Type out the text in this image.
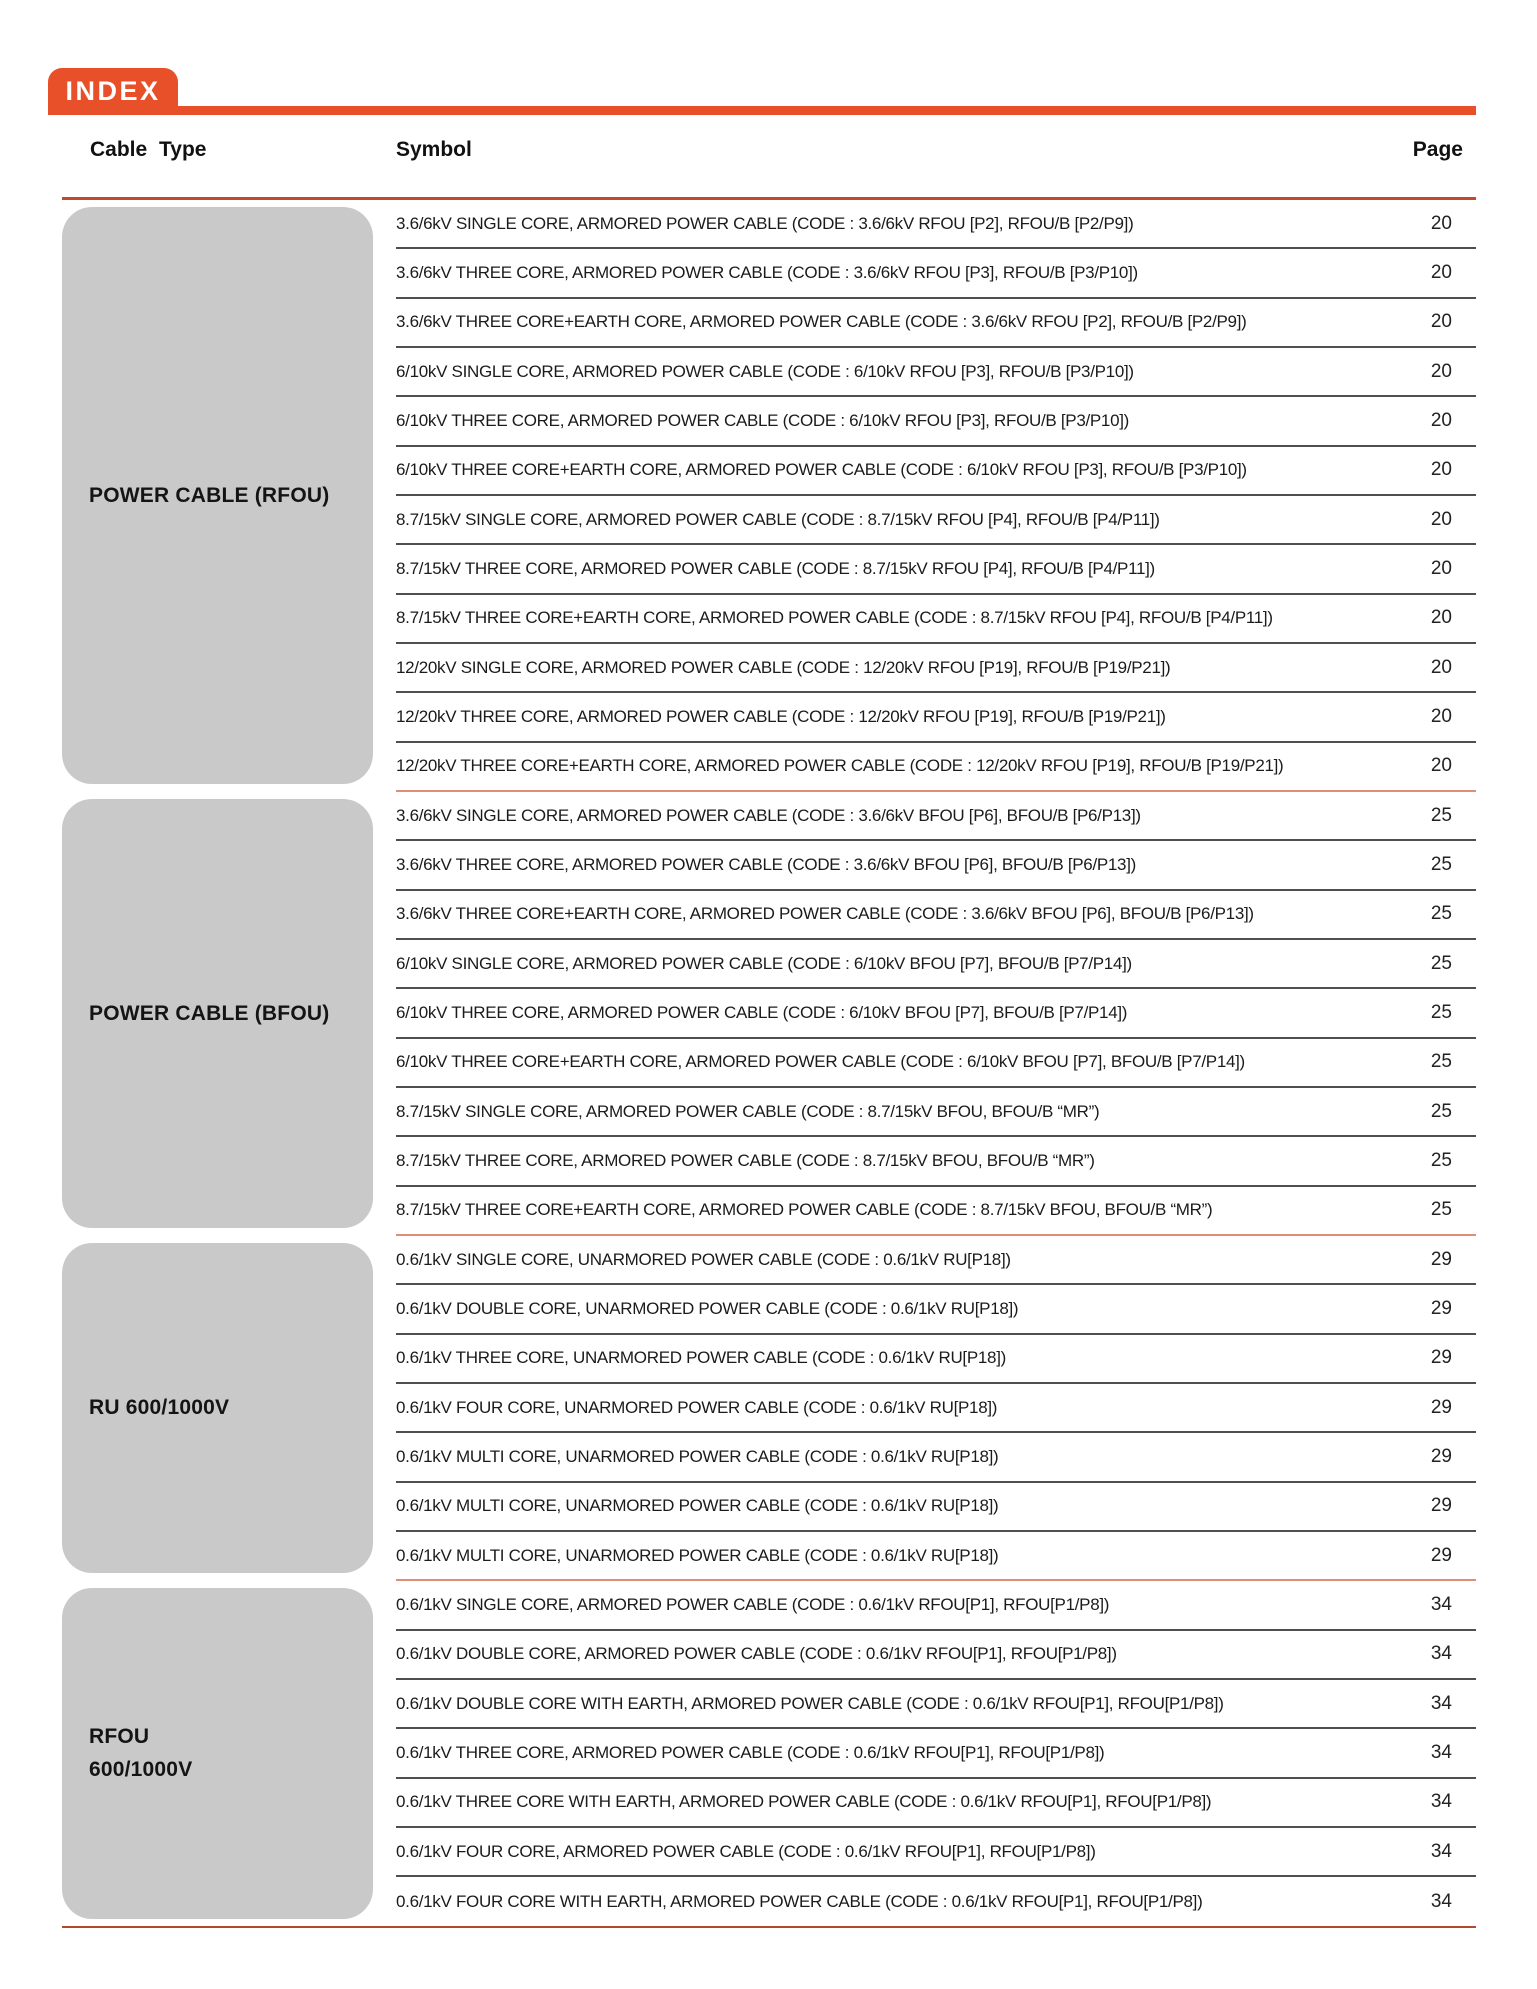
INDEX
Cable Type	Symbol	Page
POWER CABLE (RFOU)
3.6/6kV SINGLE CORE, ARMORED POWER CABLE (CODE : 3.6/6kV RFOU [P2], RFOU/B [P2/P9])	20
3.6/6kV THREE CORE, ARMORED POWER CABLE (CODE : 3.6/6kV RFOU [P3], RFOU/B [P3/P10])	20
3.6/6kV THREE CORE+EARTH CORE, ARMORED POWER CABLE (CODE : 3.6/6kV RFOU [P2], RFOU/B [P2/P9])	20
6/10kV SINGLE CORE, ARMORED POWER CABLE (CODE : 6/10kV RFOU [P3], RFOU/B [P3/P10])	20
6/10kV THREE CORE, ARMORED POWER CABLE (CODE : 6/10kV RFOU [P3], RFOU/B [P3/P10])	20
6/10kV THREE CORE+EARTH CORE, ARMORED POWER CABLE (CODE : 6/10kV RFOU [P3], RFOU/B [P3/P10])	20
8.7/15kV SINGLE CORE, ARMORED POWER CABLE (CODE : 8.7/15kV RFOU [P4], RFOU/B [P4/P11])	20
8.7/15kV THREE CORE, ARMORED POWER CABLE (CODE : 8.7/15kV RFOU [P4], RFOU/B [P4/P11])	20
8.7/15kV THREE CORE+EARTH CORE, ARMORED POWER CABLE (CODE : 8.7/15kV RFOU [P4], RFOU/B [P4/P11])	20
12/20kV SINGLE CORE, ARMORED POWER CABLE (CODE : 12/20kV RFOU [P19], RFOU/B [P19/P21])	20
12/20kV THREE CORE, ARMORED POWER CABLE (CODE : 12/20kV RFOU [P19], RFOU/B [P19/P21])	20
12/20kV THREE CORE+EARTH CORE, ARMORED POWER CABLE (CODE : 12/20kV RFOU [P19], RFOU/B [P19/P21])	20
POWER CABLE (BFOU)
3.6/6kV SINGLE CORE, ARMORED POWER CABLE (CODE : 3.6/6kV BFOU [P6], BFOU/B [P6/P13])	25
3.6/6kV THREE CORE, ARMORED POWER CABLE (CODE : 3.6/6kV BFOU [P6], BFOU/B [P6/P13])	25
3.6/6kV THREE CORE+EARTH CORE, ARMORED POWER CABLE (CODE : 3.6/6kV BFOU [P6], BFOU/B [P6/P13])	25
6/10kV SINGLE CORE, ARMORED POWER CABLE (CODE : 6/10kV BFOU [P7], BFOU/B [P7/P14])	25
6/10kV THREE CORE, ARMORED POWER CABLE (CODE : 6/10kV BFOU [P7], BFOU/B [P7/P14])	25
6/10kV THREE CORE+EARTH CORE, ARMORED POWER CABLE (CODE : 6/10kV BFOU [P7], BFOU/B [P7/P14])	25
8.7/15kV SINGLE CORE, ARMORED POWER CABLE (CODE : 8.7/15kV BFOU, BFOU/B “MR”)	25
8.7/15kV THREE CORE, ARMORED POWER CABLE (CODE : 8.7/15kV BFOU, BFOU/B “MR”)	25
8.7/15kV THREE CORE+EARTH CORE, ARMORED POWER CABLE (CODE : 8.7/15kV BFOU, BFOU/B “MR”)	25
RU 600/1000V
0.6/1kV SINGLE CORE, UNARMORED POWER CABLE (CODE : 0.6/1kV RU[P18])	29
0.6/1kV DOUBLE CORE, UNARMORED POWER CABLE (CODE : 0.6/1kV RU[P18])	29
0.6/1kV THREE CORE, UNARMORED POWER CABLE (CODE : 0.6/1kV RU[P18])	29
0.6/1kV FOUR CORE, UNARMORED POWER CABLE (CODE : 0.6/1kV RU[P18])	29
0.6/1kV MULTI CORE, UNARMORED POWER CABLE (CODE : 0.6/1kV RU[P18])	29
0.6/1kV MULTI CORE, UNARMORED POWER CABLE (CODE : 0.6/1kV RU[P18])	29
0.6/1kV MULTI CORE, UNARMORED POWER CABLE (CODE : 0.6/1kV RU[P18])	29
RFOU
600/1000V
0.6/1kV SINGLE CORE, ARMORED POWER CABLE (CODE : 0.6/1kV RFOU[P1], RFOU[P1/P8])	34
0.6/1kV DOUBLE CORE, ARMORED POWER CABLE (CODE : 0.6/1kV RFOU[P1], RFOU[P1/P8])	34
0.6/1kV DOUBLE CORE WITH EARTH, ARMORED POWER CABLE (CODE : 0.6/1kV RFOU[P1], RFOU[P1/P8])	34
0.6/1kV THREE CORE, ARMORED POWER CABLE (CODE : 0.6/1kV RFOU[P1], RFOU[P1/P8])	34
0.6/1kV THREE CORE WITH EARTH, ARMORED POWER CABLE (CODE : 0.6/1kV RFOU[P1], RFOU[P1/P8])	34
0.6/1kV FOUR CORE, ARMORED POWER CABLE (CODE : 0.6/1kV RFOU[P1], RFOU[P1/P8])	34
0.6/1kV FOUR CORE WITH EARTH, ARMORED POWER CABLE (CODE : 0.6/1kV RFOU[P1], RFOU[P1/P8])	34
